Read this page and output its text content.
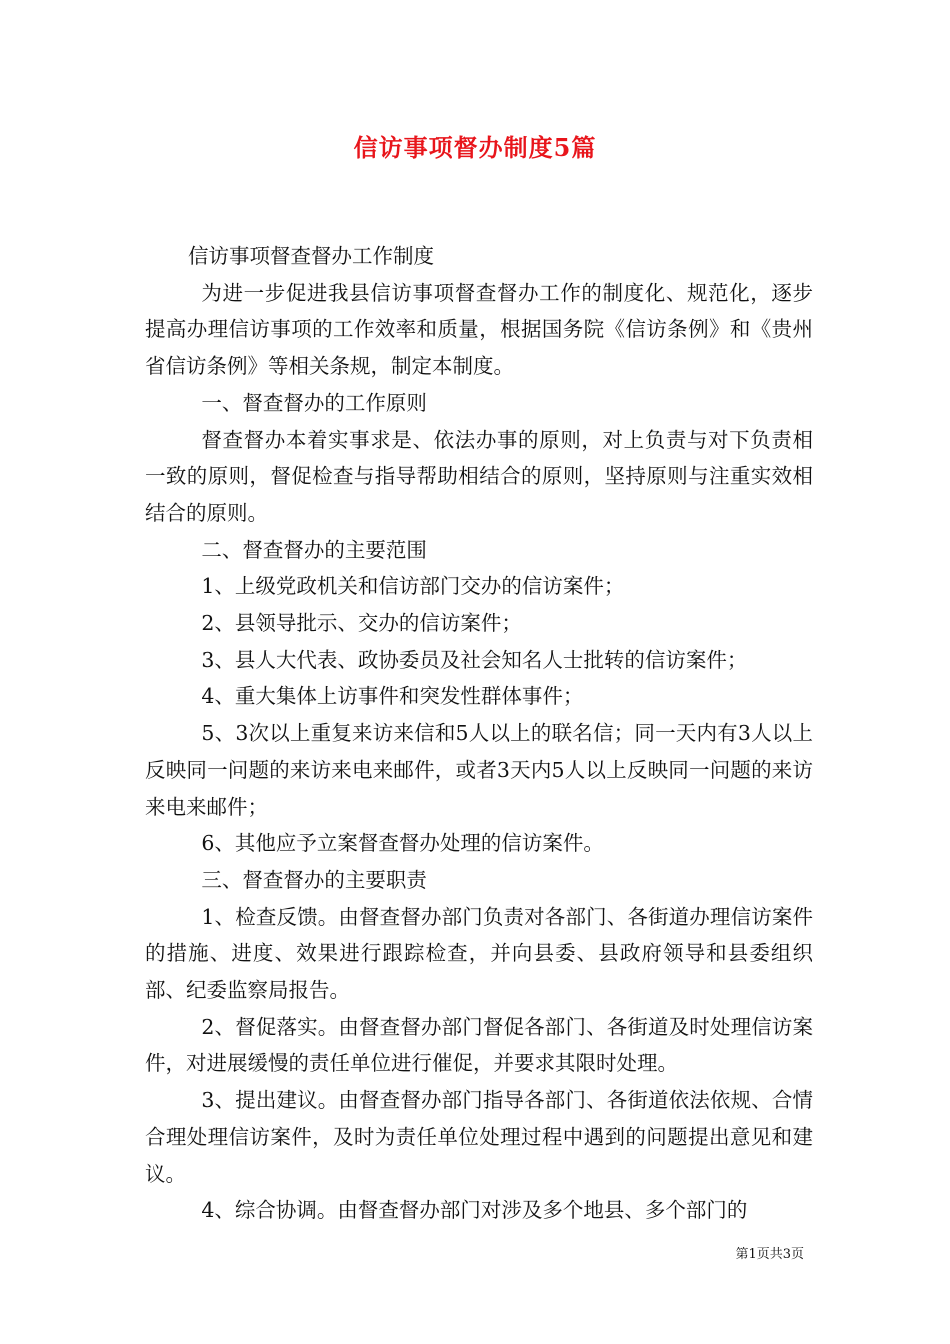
信访事项督办制度5篇

信访事项督查督办工作制度

为进一步促进我县信访事项督查督办工作的制度化、规范化，逐步提高办理信访事项的工作效率和质量，根据国务院《信访条例》和《贵州省信访条例》等相关条规，制定本制度。

一、督查督办的工作原则

督查督办本着实事求是、依法办事的原则，对上负责与对下负责相一致的原则，督促检查与指导帮助相结合的原则，坚持原则与注重实效相结合的原则。

二、督查督办的主要范围

1、上级党政机关和信访部门交办的信访案件；

2、县领导批示、交办的信访案件；

3、县人大代表、政协委员及社会知名人士批转的信访案件；

4、重大集体上访事件和突发性群体事件；

5、3次以上重复来访来信和5人以上的联名信；同一天内有3人以上反映同一问题的来访来电来邮件，或者3天内5人以上反映同一问题的来访来电来邮件；

6、其他应予立案督查督办处理的信访案件。

三、督查督办的主要职责

1、检查反馈。由督查督办部门负责对各部门、各街道办理信访案件的措施、进度、效果进行跟踪检查，并向县委、县政府领导和县委组织部、纪委监察局报告。

2、督促落实。由督查督办部门督促各部门、各街道及时处理信访案件，对进展缓慢的责任单位进行催促，并要求其限时处理。

3、提出建议。由督查督办部门指导各部门、各街道依法依规、合情合理处理信访案件，及时为责任单位处理过程中遇到的问题提出意见和建议。

4、综合协调。由督查督办部门对涉及多个地县、多个部门的

第1页共3页
